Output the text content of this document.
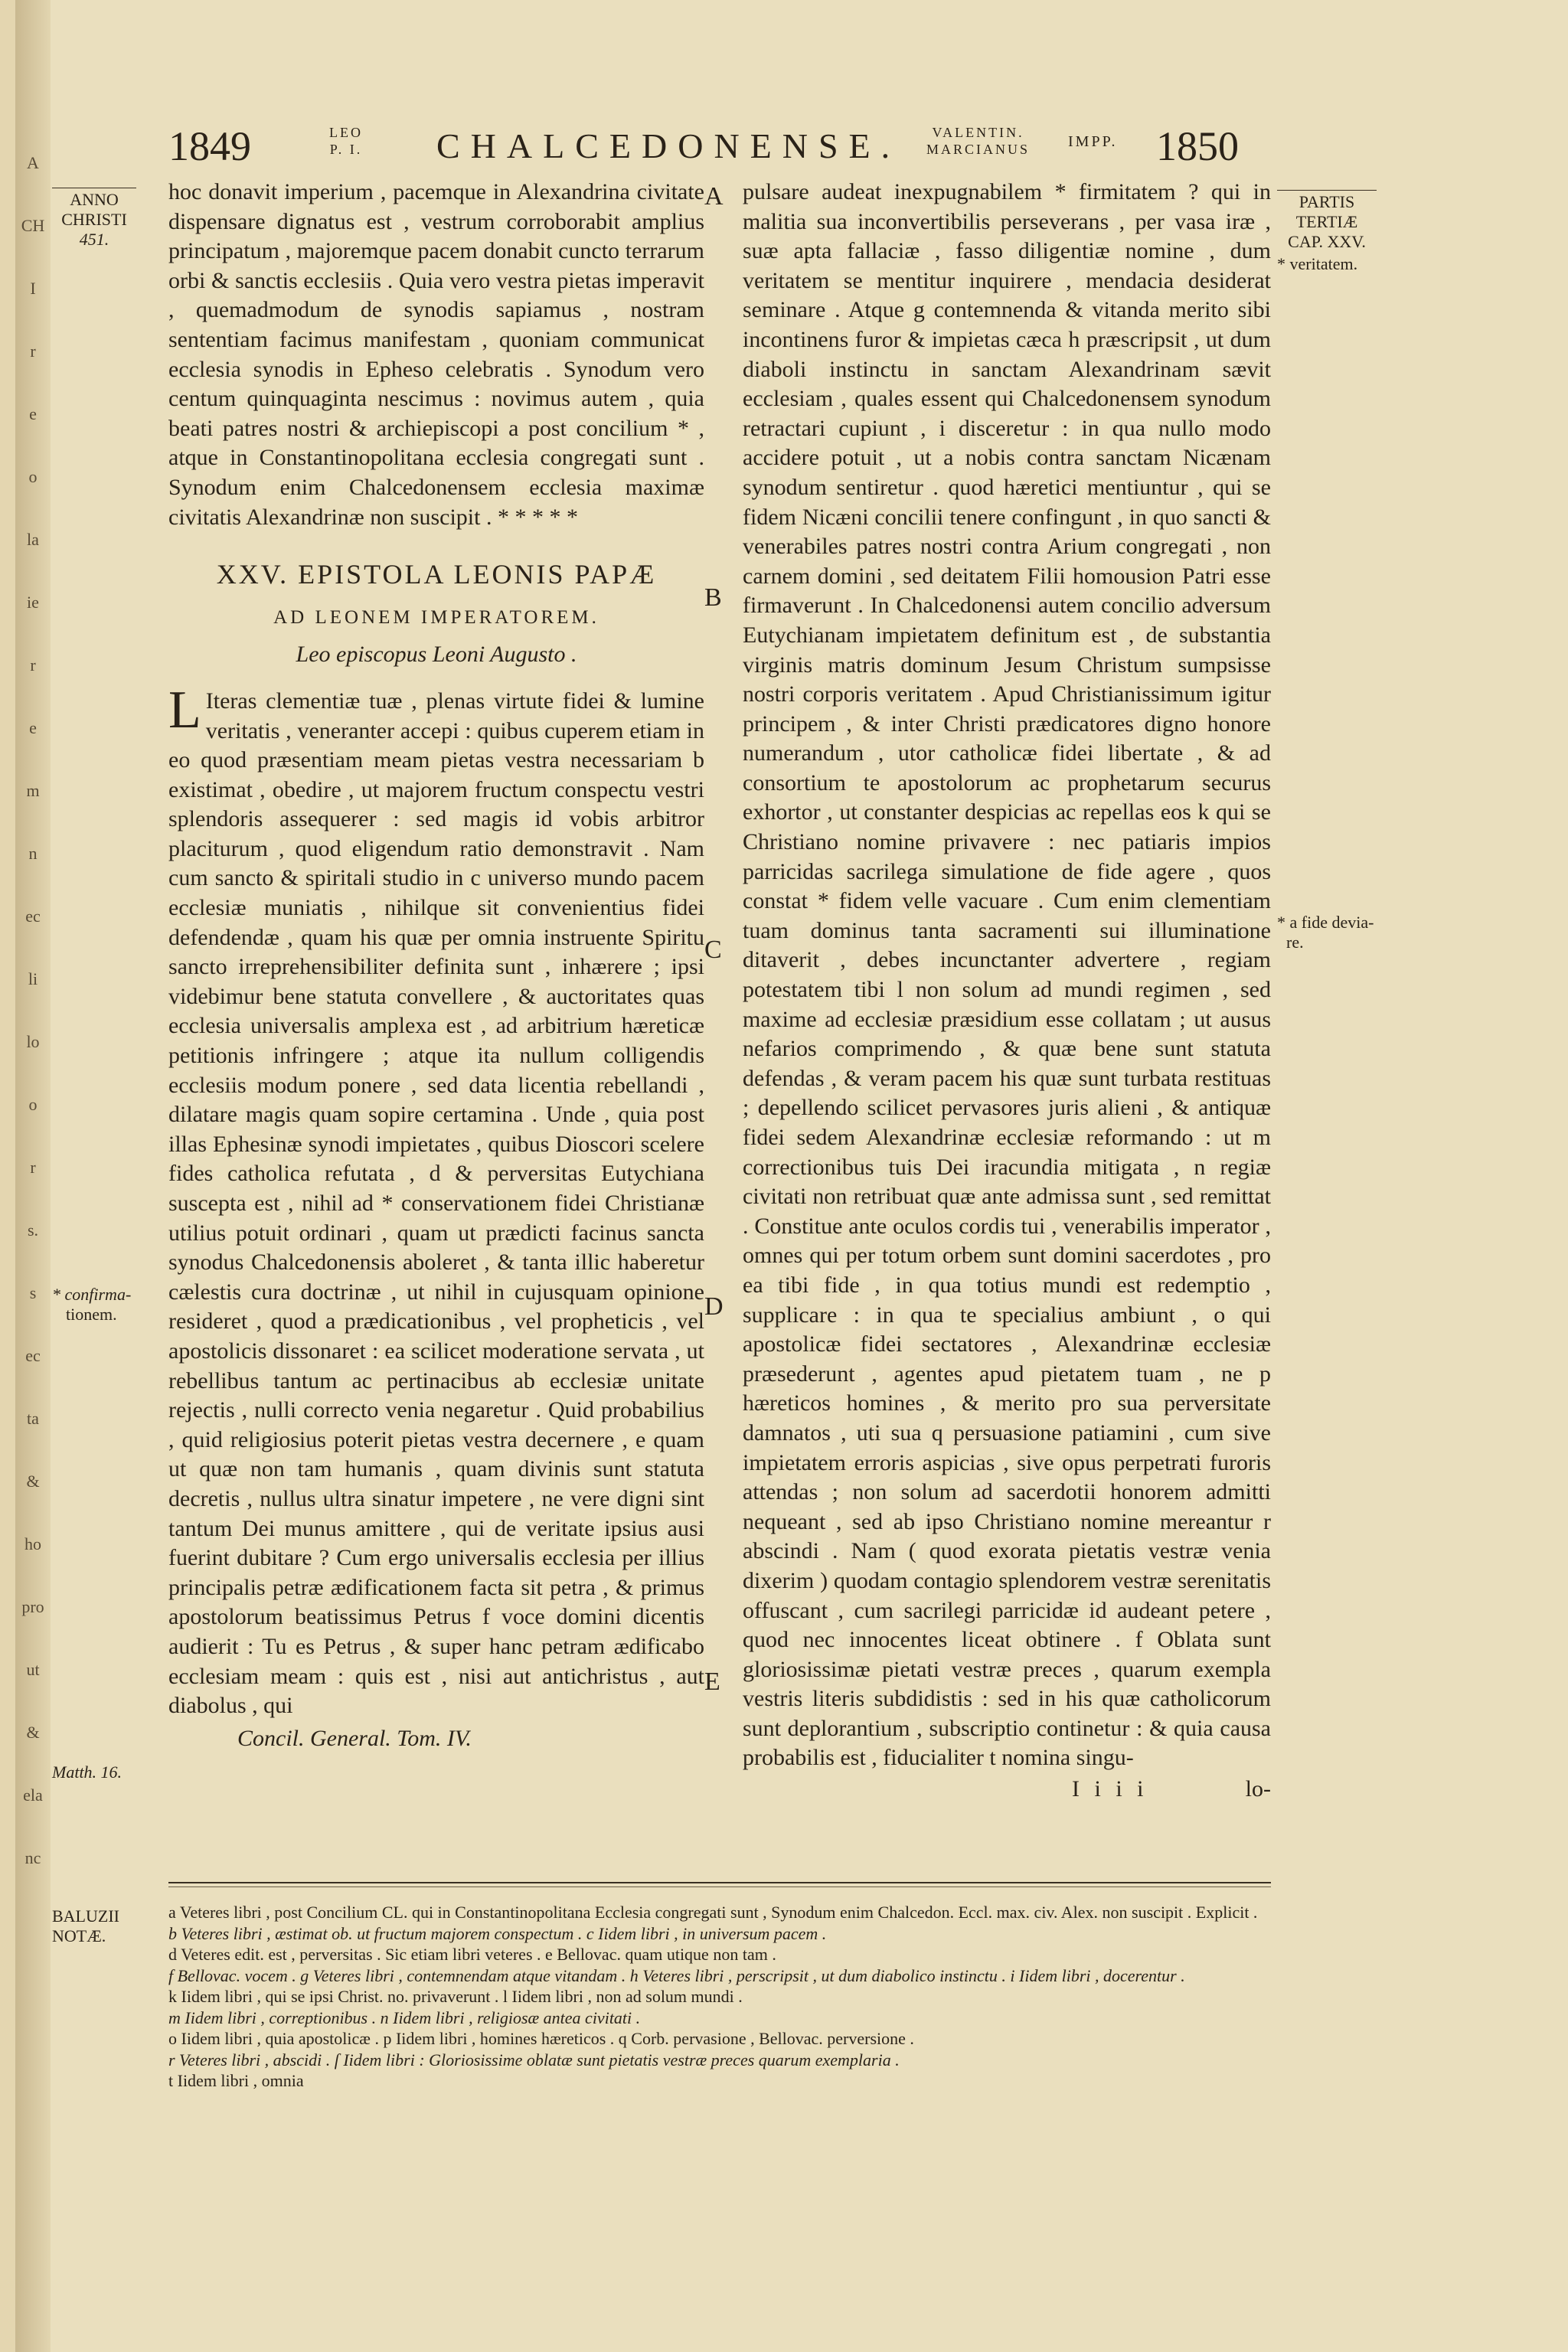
A
CH
I
r
e
o
la
ie
r
e
m
n
ec
li
lo
o
r
s.
s
ec
ta
&
ho
pro
ut
&
ela
nc
1849	LEO
P. I. CHALCEDONENSE.	VALENTIN.
MARCIANUS IMPP. 1850
ANNO
CHRISTI
451.
* confirma-
tionem.
Matth. 16.
PARTIS
TERTIÆ
CAP. XXV.
* veritatem.
* a fide devia-
re.
A
B
C
D
E

hoc donavit imperium , pacemque in Alexandrina civitate dispensare dignatus est , vestrum corroborabit amplius principatum , majoremque pacem donabit cuncto terrarum orbi & sanctis ecclesiis . Quia vero vestra pietas imperavit , quemadmodum de synodis sapiamus , nostram sententiam facimus manifestam , quoniam communicat ecclesia synodis in Epheso celebratis . Synodum vero centum quinquaginta nescimus : novimus autem , quia beati patres nostri & archiepiscopi a post concilium * , atque in Constantinopolitana ecclesia congregati sunt . Synodum enim Chalcedonensem ecclesia maximæ civitatis Alexandrinæ non suscipit . * * * * *

XXV. EPISTOLA LEONIS PAPÆ
AD LEONEM IMPERATOREM.
Leo episcopus Leoni Augusto .

LIteras clementiæ tuæ , plenas virtute fidei & lumine veritatis , veneranter accepi : quibus cuperem etiam in eo quod præsentiam meam pietas vestra necessariam b existimat , obedire , ut majorem fructum conspectu vestri splendoris assequerer : sed magis id vobis arbitror placiturum , quod eligendum ratio demonstravit . Nam cum sancto & spiritali studio in c universo mundo pacem ecclesiæ muniatis , nihilque sit convenientius fidei defendendæ , quam his quæ per omnia instruente Spiritu sancto irreprehensibiliter definita sunt , inhærere ; ipsi videbimur bene statuta convellere , & auctoritates quas ecclesia universalis amplexa est , ad arbitrium hæreticæ petitionis infringere ; atque ita nullum colligendis ecclesiis modum ponere , sed data licentia rebellandi , dilatare magis quam sopire certamina . Unde , quia post illas Ephesinæ synodi impietates , quibus Dioscori scelere fides catholica refutata , d & perversitas Eutychiana suscepta est , nihil ad * conservationem fidei Christianæ utilius potuit ordinari , quam ut prædicti facinus sancta synodus Chalcedonensis aboleret , & tanta illic haberetur cælestis cura doctrinæ , ut nihil in cujusquam opinione resideret , quod a prædicationibus , vel propheticis , vel apostolicis dissonaret : ea scilicet moderatione servata , ut rebellibus tantum ac pertinacibus ab ecclesiæ unitate rejectis , nulli correcto venia negaretur . Quid probabilius , quid religiosius poterit pietas vestra decernere , e quam ut quæ non tam humanis , quam divinis sunt statuta decretis , nullus ultra sinatur impetere , ne vere digni sint tantum Dei munus amittere , qui de veritate ipsius ausi fuerint dubitare ? Cum ergo universalis ecclesia per illius principalis petræ ædificationem facta sit petra , & primus apostolorum beatissimus Petrus f voce domini dicentis audierit : Tu es Petrus , & super hanc petram ædificabo ecclesiam meam : quis est , nisi aut antichristus , aut diabolus , qui

Concil. General. Tom. IV.

pulsare audeat inexpugnabilem * firmitatem ? qui in malitia sua inconvertibilis perseverans , per vasa iræ , suæ apta fallaciæ , fasso diligentiæ nomine , dum veritatem se mentitur inquirere , mendacia desiderat seminare . Atque g contemnenda & vitanda merito sibi incontinens furor & impietas cæca h præscripsit , ut dum diaboli instinctu in sanctam Alexandrinam sævit ecclesiam , quales essent qui Chalcedonensem synodum retractari cupiunt , i disceretur : in qua nullo modo accidere potuit , ut a nobis contra sanctam Nicænam synodum sentiretur . quod hæretici mentiuntur , qui se fidem Nicæni concilii tenere confingunt , in quo sancti & venerabiles patres nostri contra Arium congregati , non carnem domini , sed deitatem Filii homousion Patri esse firmaverunt . In Chalcedonensi autem concilio adversum Eutychianam impietatem definitum est , de substantia virginis matris dominum Jesum Christum sumpsisse nostri corporis veritatem . Apud Christianissimum igitur principem , & inter Christi prædicatores digno honore numerandum , utor catholicæ fidei libertate , & ad consortium te apostolorum ac prophetarum securus exhortor , ut constanter despicias ac repellas eos k qui se Christiano nomine privavere : nec patiaris impios parricidas sacrilega simulatione de fide agere , quos constat * fidem velle vacuare . Cum enim clementiam tuam dominus tanta sacramenti sui illuminatione ditaverit , debes incunctanter advertere , regiam potestatem tibi l non solum ad mundi regimen , sed maxime ad ecclesiæ præsidium esse collatam ; ut ausus nefarios comprimendo , & quæ bene sunt statuta defendas , & veram pacem his quæ sunt turbata restituas ; depellendo scilicet pervasores juris alieni , & antiquæ fidei sedem Alexandrinæ ecclesiæ reformando : ut m correctionibus tuis Dei iracundia mitigata , n regiæ civitati non retribuat quæ ante admissa sunt , sed remittat . Constitue ante oculos cordis tui , venerabilis imperator , omnes qui per totum orbem sunt domini sacerdotes , pro ea tibi fide , in qua totius mundi est redemptio , supplicare : in qua te specialius ambiunt , o qui apostolicæ fidei sectatores , Alexandrinæ ecclesiæ præsederunt , agentes apud pietatem tuam , ne p hæreticos homines , & merito pro sua perversitate damnatos , uti sua q persuasione patiamini , cum sive impietatem erroris aspicias , sive opus perpetrati furoris attendas ; non solum ad sacerdotii honorem admitti nequeant , sed ab ipso Christiano nomine mereantur r abscindi . Nam ( quod exorata pietatis vestræ venia dixerim ) quodam contagio splendorem vestræ serenitatis offuscant , cum sacrilegi parricidæ id audeant petere , quod nec innocentes liceat obtinere . f Oblata sunt gloriosissimæ pietati vestræ preces , quarum exempla vestris literis subdidistis : sed in his quæ catholicorum sunt deplorantium , subscriptio continetur : & quia causa probabilis est , fiducialiter t nomina singu-

I i i i	lo-
BALUZII
NOTÆ.

a Veteres libri , post Concilium CL. qui in Constantinopolitana Ecclesia congregati sunt , Synodum enim Chalcedon. Eccl. max. civ. Alex. non suscipit . Explicit .

b Veteres libri , æstimat ob. ut fructum majorem conspectum . c Iidem libri , in universum pacem .

d Veteres edit. est , perversitas . Sic etiam libri veteres . e Bellovac. quam utique non tam .

f Bellovac. vocem . g Veteres libri , contemnendam atque vitandam . h Veteres libri , perscripsit , ut dum diabolico instinctu . i Iidem libri , docerentur .

k Iidem libri , qui se ipsi Christ. no. privaverunt . l Iidem libri , non ad solum mundi .

m Iidem libri , correptionibus . n Iidem libri , religiosæ antea civitati .

o Iidem libri , quia apostolicæ . p Iidem libri , homines hæreticos . q Corb. pervasione , Bellovac. perversione .

r Veteres libri , abscidi . ſ Iidem libri : Gloriosissime oblatæ sunt pietatis vestræ preces quarum exemplaria .

t Iidem libri , omnia
